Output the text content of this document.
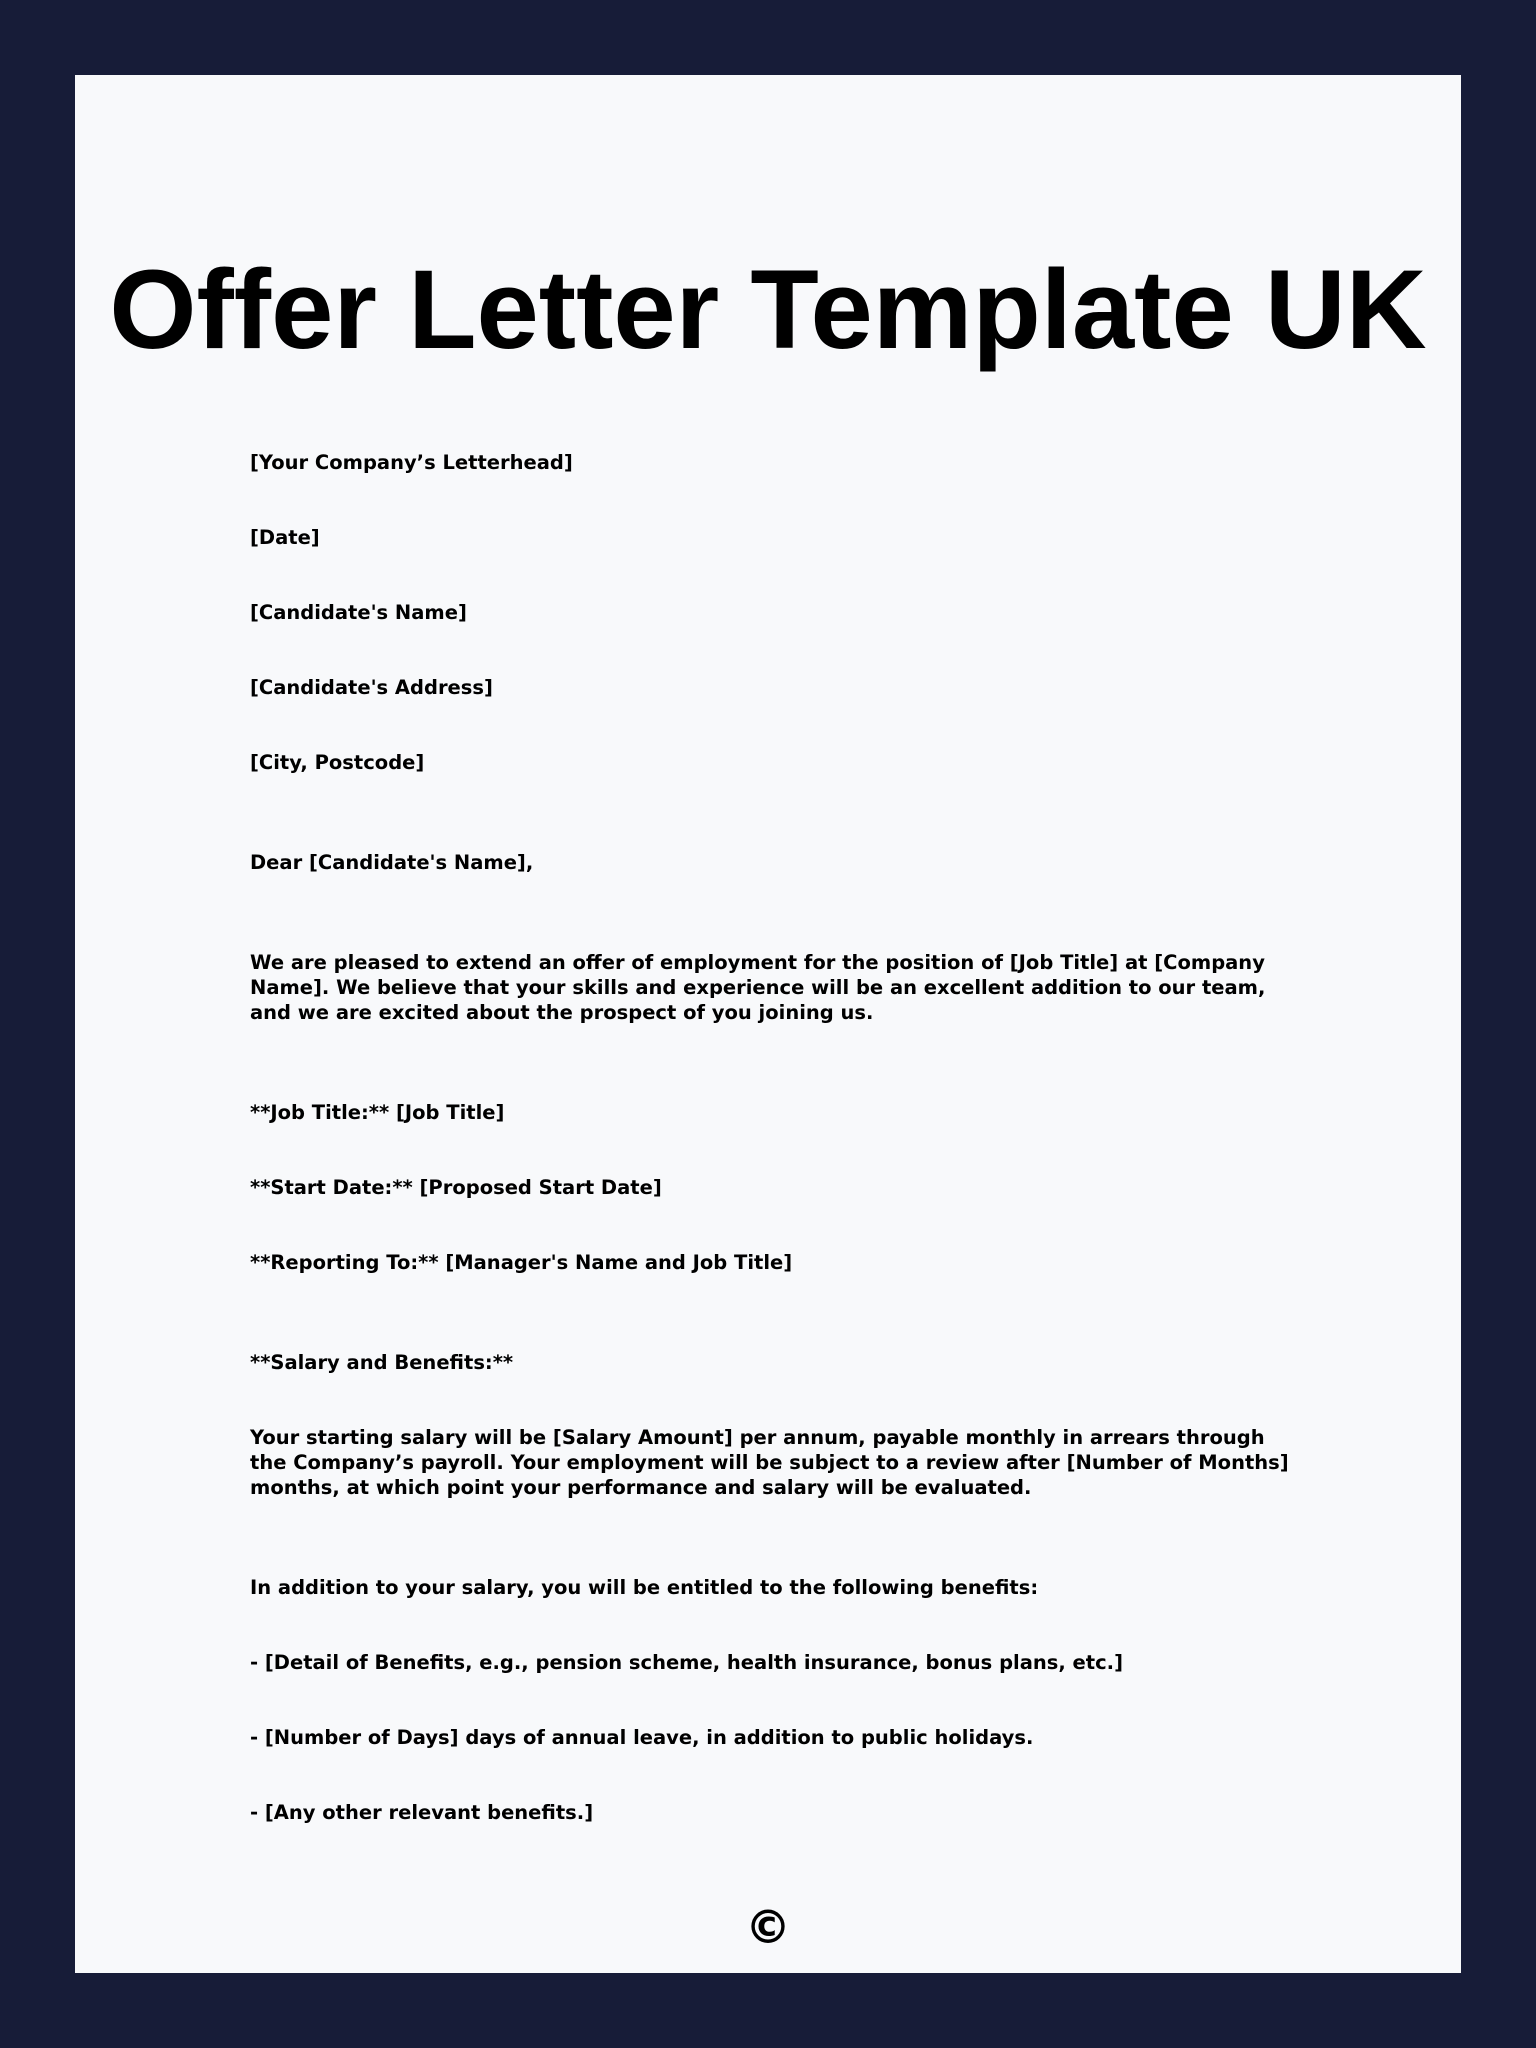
Offer Letter Template UK

[Your Company’s Letterhead]

[Date]

[Candidate's Name]

[Candidate's Address]

[City, Postcode]

Dear [Candidate's Name],

We are pleased to extend an offer of employment for the position of [Job Title] at [Company Name]. We believe that your skills and experience will be an excellent addition to our team, and we are excited about the prospect of you joining us.

**Job Title:** [Job Title]

**Start Date:** [Proposed Start Date]

**Reporting To:** [Manager's Name and Job Title]

**Salary and Benefits:**

Your starting salary will be [Salary Amount] per annum, payable monthly in arrears through the Company’s payroll. Your employment will be subject to a review after [Number of Months] months, at which point your performance and salary will be evaluated.

In addition to your salary, you will be entitled to the following benefits:

- [Detail of Benefits, e.g., pension scheme, health insurance, bonus plans, etc.]

- [Number of Days] days of annual leave, in addition to public holidays.

- [Any other relevant benefits.]

©
